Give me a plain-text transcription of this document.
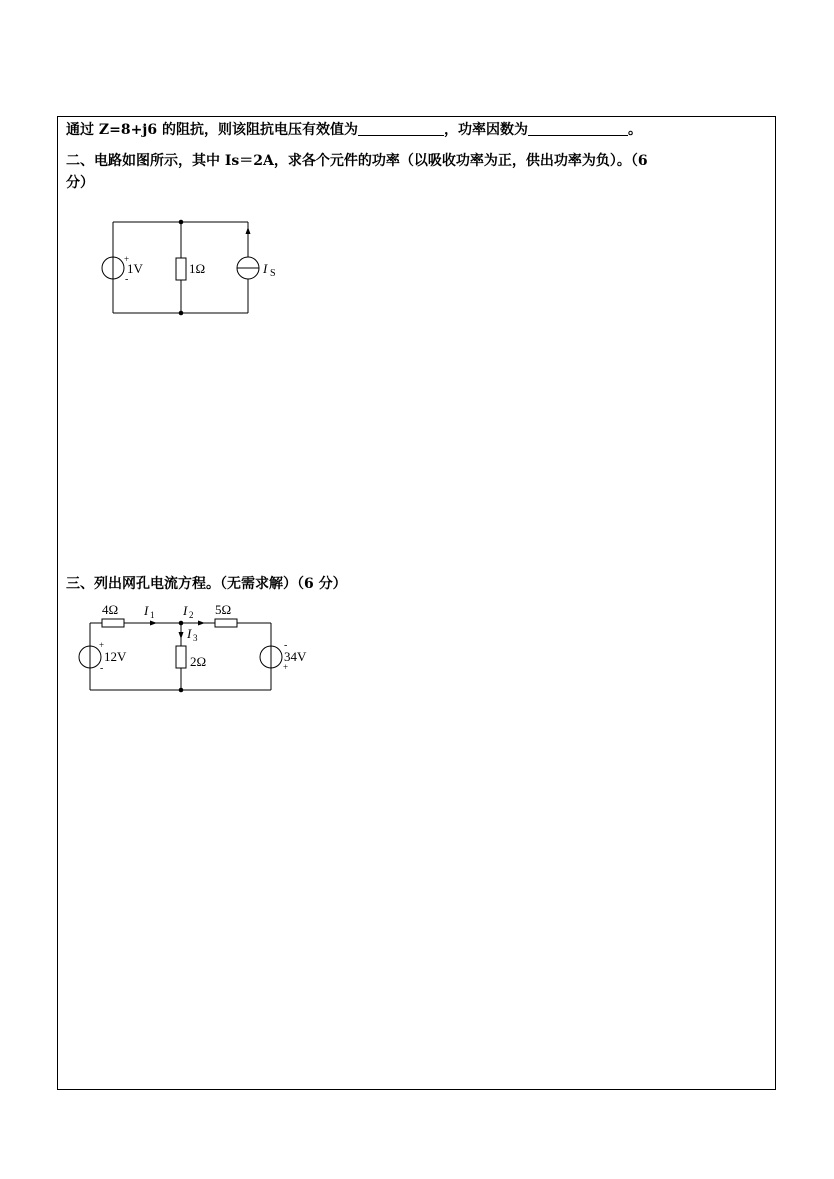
通过 Z=8+j6 的阻抗，则该阻抗电压有效值为	，功率因数为	。
二、电路如图所示，其中 Is＝2A，求各个元件的功率（以吸收功率为正，供出功率为负）。（6
分）
+
-
1V	1Ω	I S
三、列出网孔电流方程。（无需求解）（6 分）
4Ω	5Ω
2Ω
+
-
12V
-
+
34V
I 1 I 2
I 3
